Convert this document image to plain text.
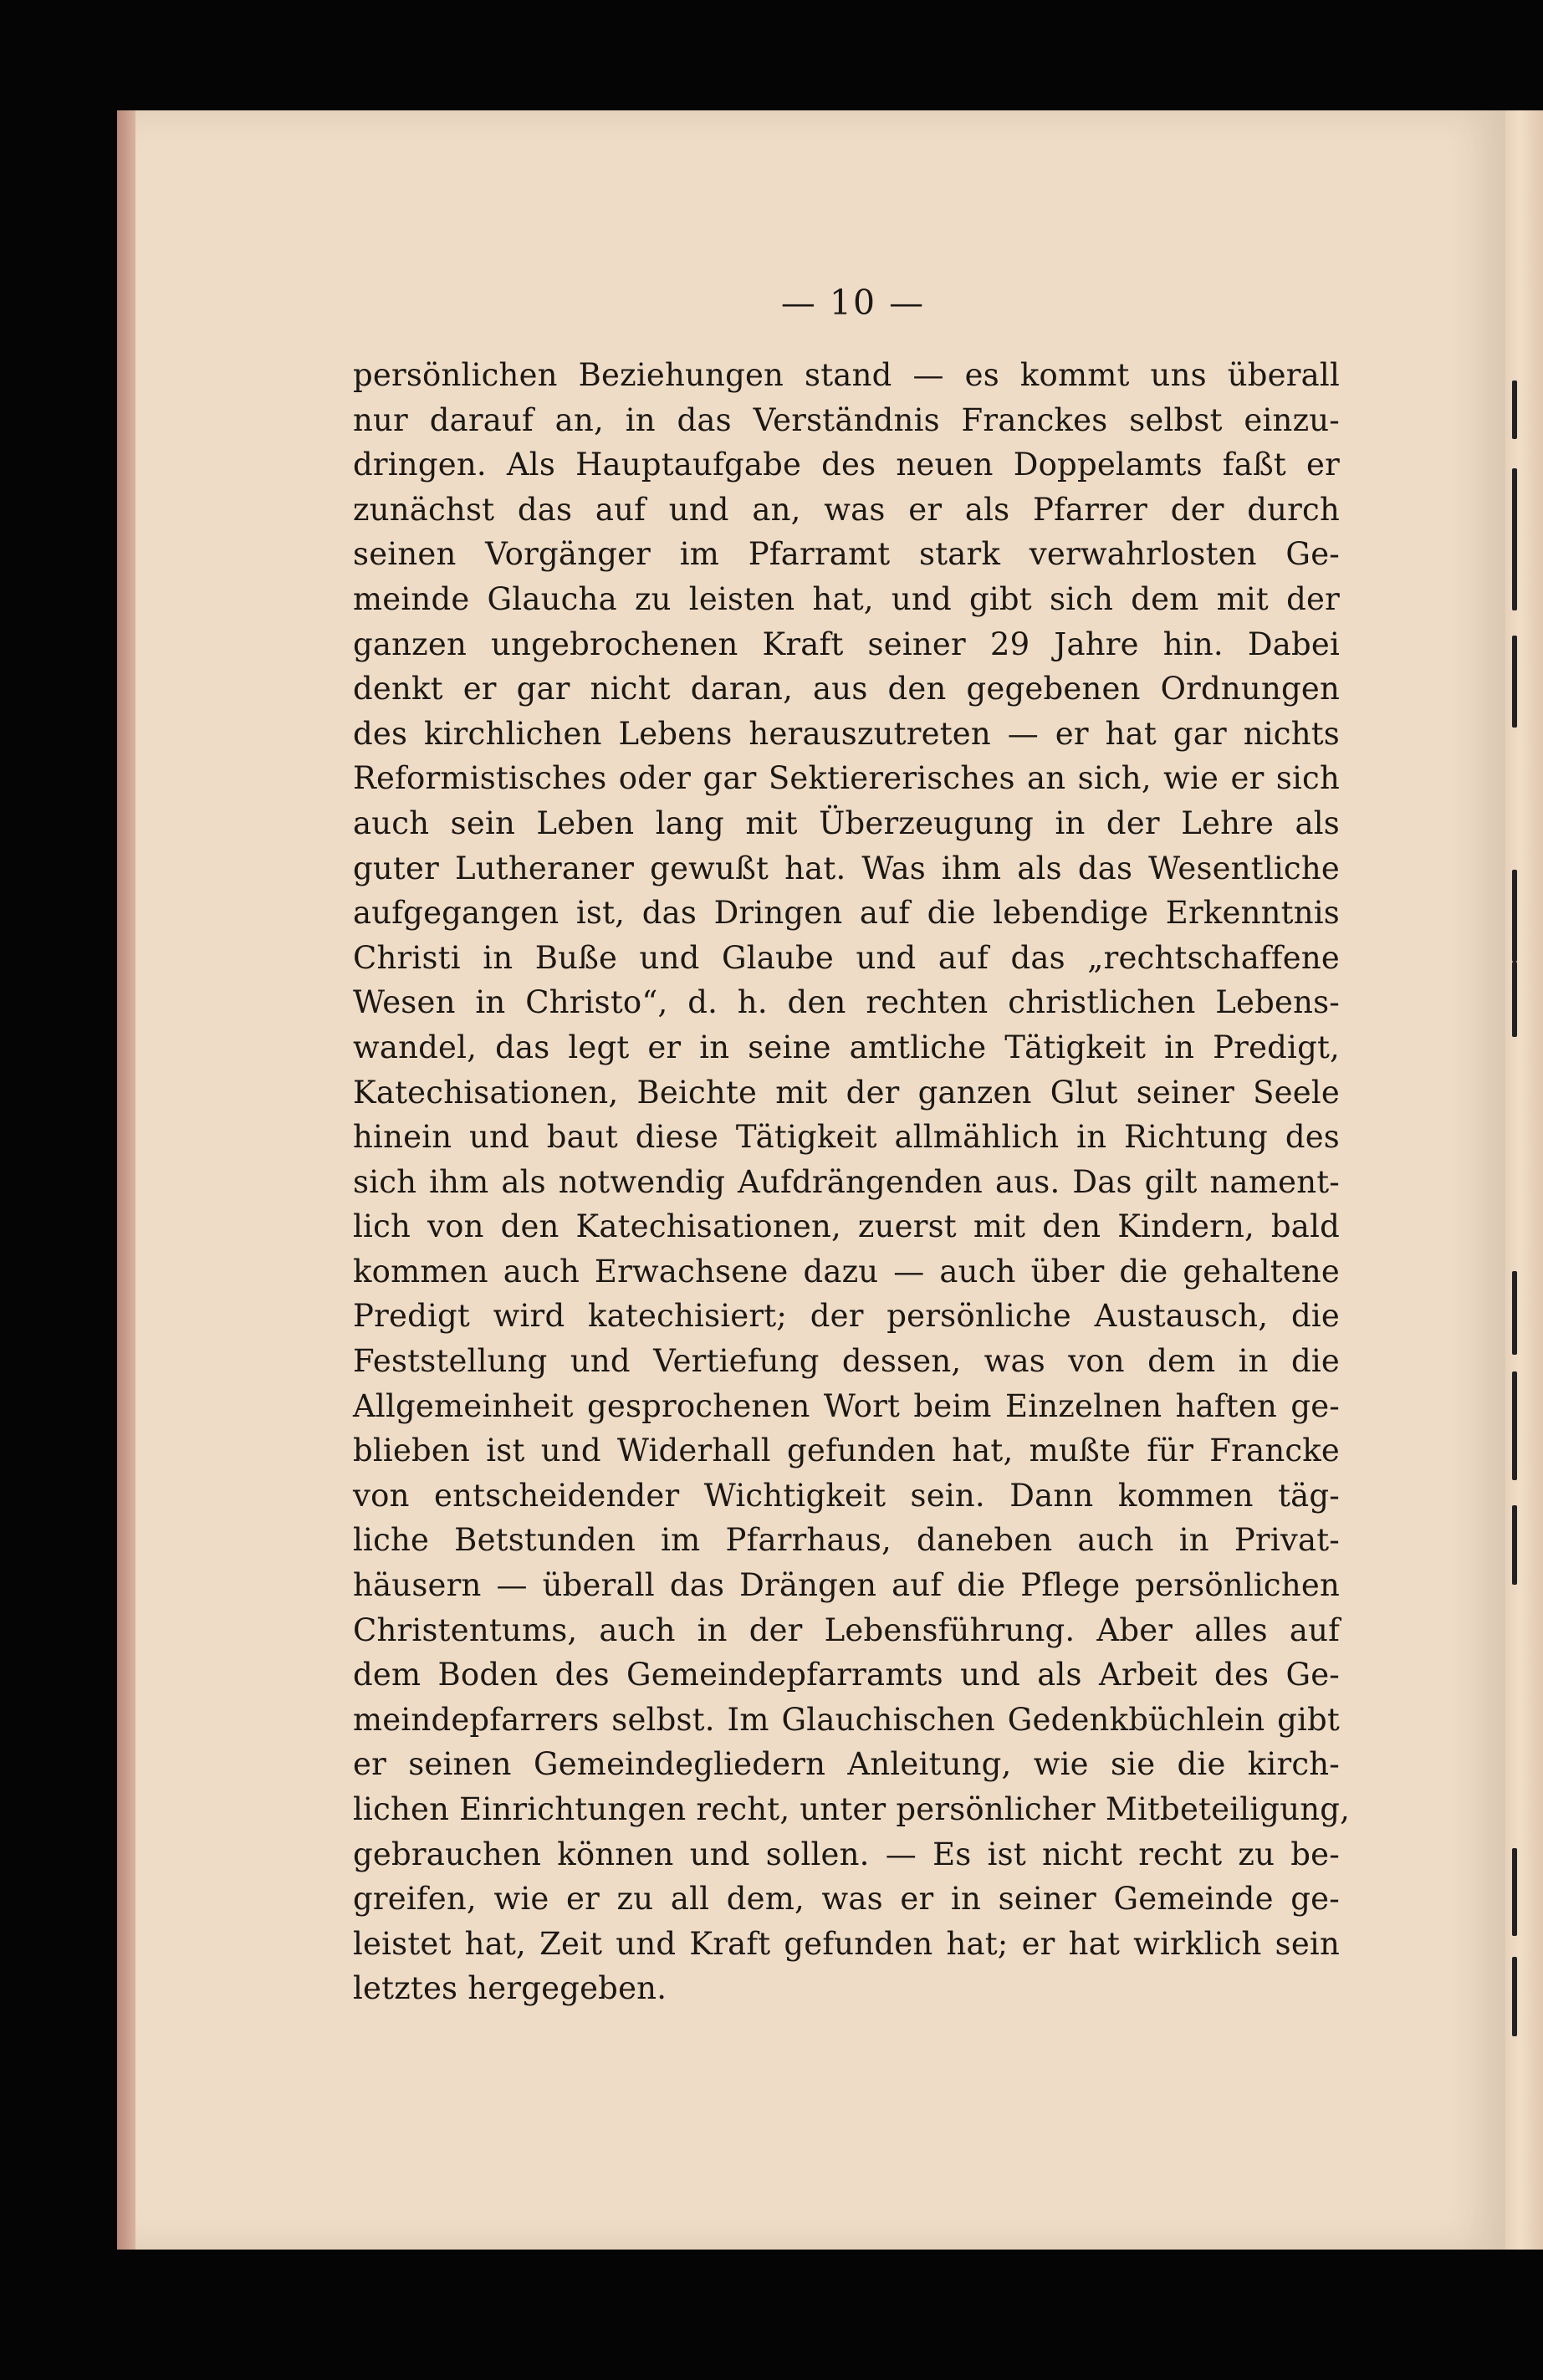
— 10 —

persönlichen Beziehungen stand — es kommt uns überall
nur darauf an, in das Verständnis Franckes selbst einzu-
dringen. Als Hauptaufgabe des neuen Doppelamts faßt er
zunächst das auf und an, was er als Pfarrer der durch
seinen Vorgänger im Pfarramt stark verwahrlosten Ge-
meinde Glaucha zu leisten hat, und gibt sich dem mit der
ganzen ungebrochenen Kraft seiner 29 Jahre hin. Dabei
denkt er gar nicht daran, aus den gegebenen Ordnungen
des kirchlichen Lebens herauszutreten — er hat gar nichts
Reformistisches oder gar Sektiererisches an sich, wie er sich
auch sein Leben lang mit Überzeugung in der Lehre als
guter Lutheraner gewußt hat. Was ihm als das Wesentliche
aufgegangen ist, das Dringen auf die lebendige Erkenntnis
Christi in Buße und Glaube und auf das „rechtschaffene
Wesen in Christo“, d. h. den rechten christlichen Lebens-
wandel, das legt er in seine amtliche Tätigkeit in Predigt,
Katechisationen, Beichte mit der ganzen Glut seiner Seele
hinein und baut diese Tätigkeit allmählich in Richtung des
sich ihm als notwendig Aufdrängenden aus. Das gilt nament-
lich von den Katechisationen, zuerst mit den Kindern, bald
kommen auch Erwachsene dazu — auch über die gehaltene
Predigt wird katechisiert; der persönliche Austausch, die
Feststellung und Vertiefung dessen, was von dem in die
Allgemeinheit gesprochenen Wort beim Einzelnen haften ge-
blieben ist und Widerhall gefunden hat, mußte für Francke
von entscheidender Wichtigkeit sein. Dann kommen täg-
liche Betstunden im Pfarrhaus, daneben auch in Privat-
häusern — überall das Drängen auf die Pflege persönlichen
Christentums, auch in der Lebensführung. Aber alles auf
dem Boden des Gemeindepfarramts und als Arbeit des Ge-
meindepfarrers selbst. Im Glauchischen Gedenkbüchlein gibt
er seinen Gemeindegliedern Anleitung, wie sie die kirch-
lichen Einrichtungen recht, unter persönlicher Mitbeteiligung,
gebrauchen können und sollen. — Es ist nicht recht zu be-
greifen, wie er zu all dem, was er in seiner Gemeinde ge-
leistet hat, Zeit und Kraft gefunden hat; er hat wirklich sein
letztes hergegeben.
